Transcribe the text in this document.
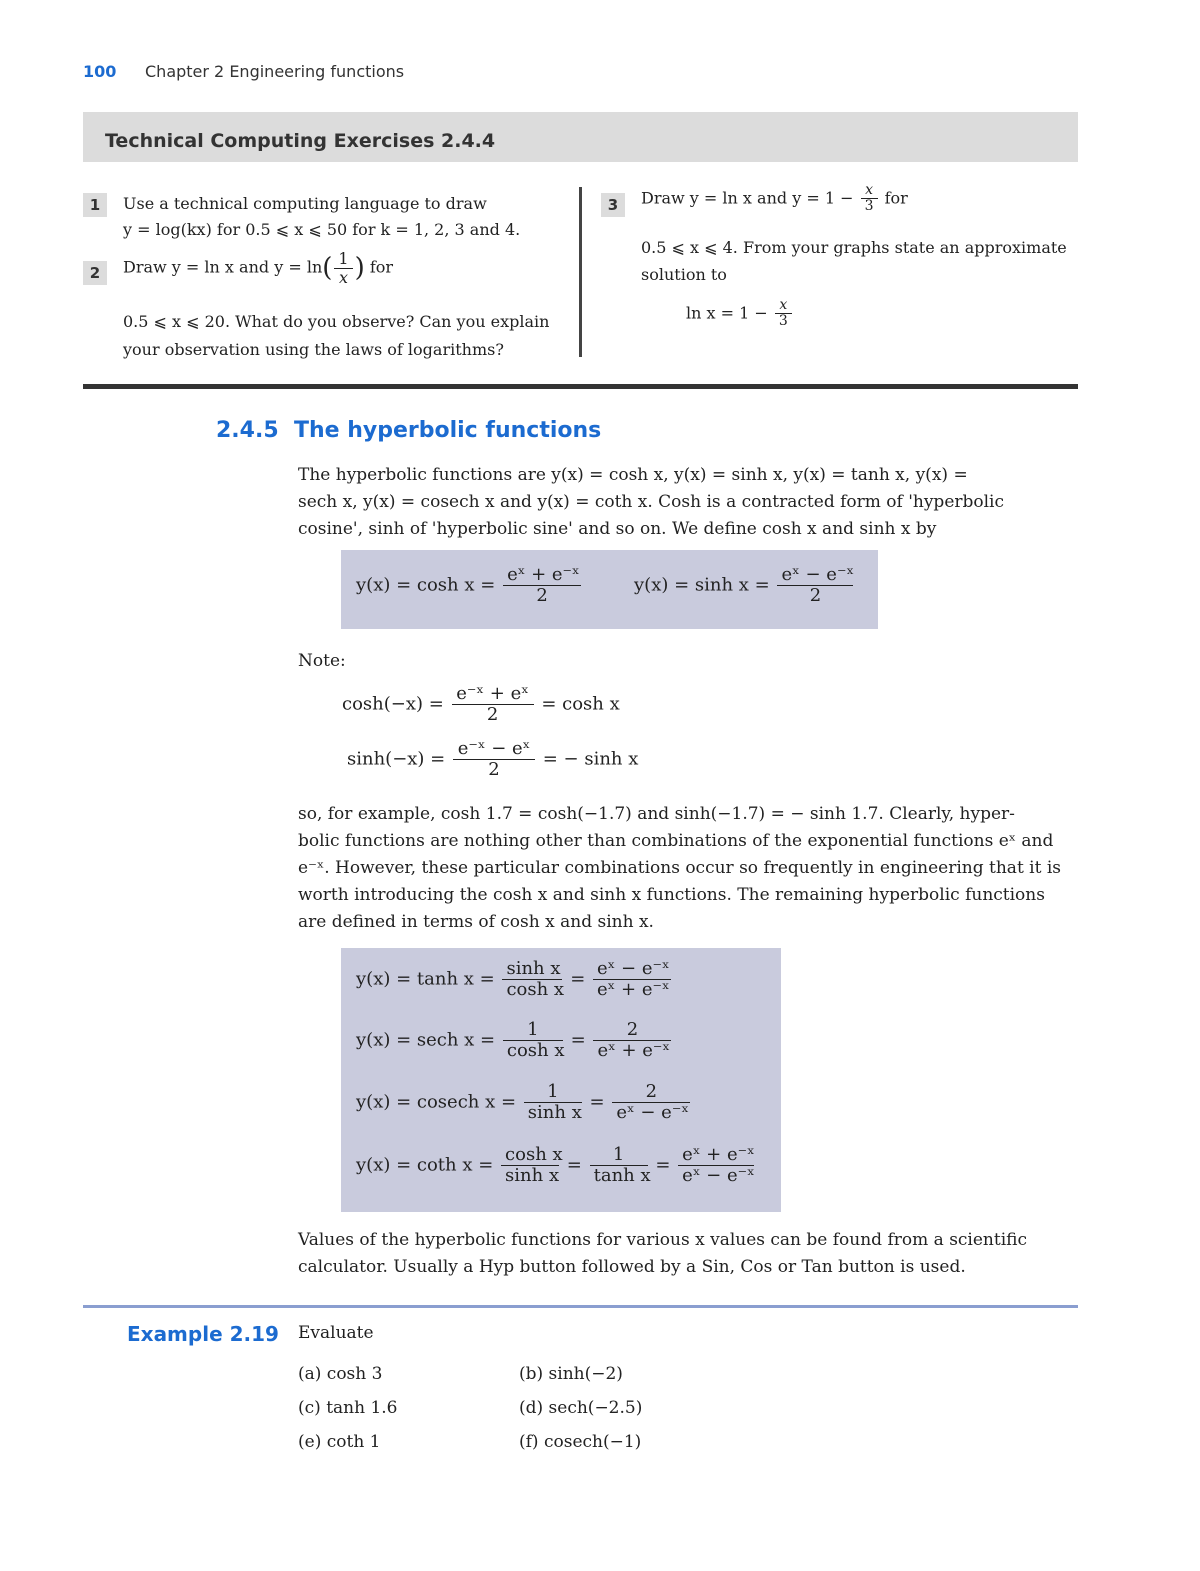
100 Chapter 2 Engineering functions
Technical Computing Exercises 2.4.4
1	Use a technical computing language to draw
y = log(kx) for 0.5 ⩽ x ⩽ 50 for k = 1, 2, 3 and 4.
2	Draw y = ln x and $y = \ln( \frac{1}{x}$ ) for
0.5 ⩽ x ⩽ 20. What do you observe? Can you explain
your observation using the laws of logarithms?
3	Draw y = ln x and $y = 1 - \frac{x}{3}$ for
0.5 ⩽ x ⩽ 4. From your graphs state an approximate
solution to
$\ln x = 1 - \frac{x}{3}$
2.4.5 The hyperbolic functions
The hyperbolic functions are y(x) = cosh x, y(x) = sinh x, y(x) = tanh x, y(x) =
sech x, y(x) = cosech x and y(x) = coth x. Cosh is a contracted form of 'hyperbolic
cosine', sinh of 'hyperbolic sine' and so on. We define cosh x and sinh x by
$y(x) = \cosh x = \frac{\text{eˣ + e⁻ˣ}}{2}$	$y(x) = \sinh x = \frac{\text{eˣ − e⁻ˣ}}{2}$
Note:
$\cosh(-x) = \frac{\text{e⁻ˣ + eˣ}}{2} = \cosh x$
$\sinh(-x) = \frac{\text{e⁻ˣ − eˣ}}{2}$ = − sinh x
so, for example, cosh 1.7 = cosh(−1.7) and sinh(−1.7) = − sinh 1.7. Clearly, hyper-
bolic functions are nothing other than combinations of the exponential functions eˣ and
e⁻ˣ. However, these particular combinations occur so frequently in engineering that it is
worth introducing the cosh x and sinh x functions. The remaining hyperbolic functions
are defined in terms of cosh x and sinh x.
$y(x) = \tanh x = \frac{\text{sinh x}}{\text{cosh x}} = \frac{\text{eˣ − e⁻ˣ}}{\text{eˣ + e⁻ˣ}}$
y(x) = sech $x = \frac{1}{\text{cosh x}} = \frac{2}{\text{eˣ + e⁻ˣ}}$
y(x) = cosech $x = \frac{1}{\text{sinh x}} = \frac{2}{\text{eˣ − e⁻ˣ}}$
y(x) = coth $x = \frac{\text{cosh x}}{\text{sinh x}} = \frac{1}{\text{tanh x}} = \frac{\text{eˣ + e⁻ˣ}}{\text{eˣ − e⁻ˣ}}$
Values of the hyperbolic functions for various x values can be found from a scientific
calculator. Usually a Hyp button followed by a Sin, Cos or Tan button is used.
Example 2.19 Evaluate
(a) cosh 3	(b) sinh(−2)
(c) tanh 1.6	(d) sech(−2.5)
(e) coth 1	(f) cosech(−1)
